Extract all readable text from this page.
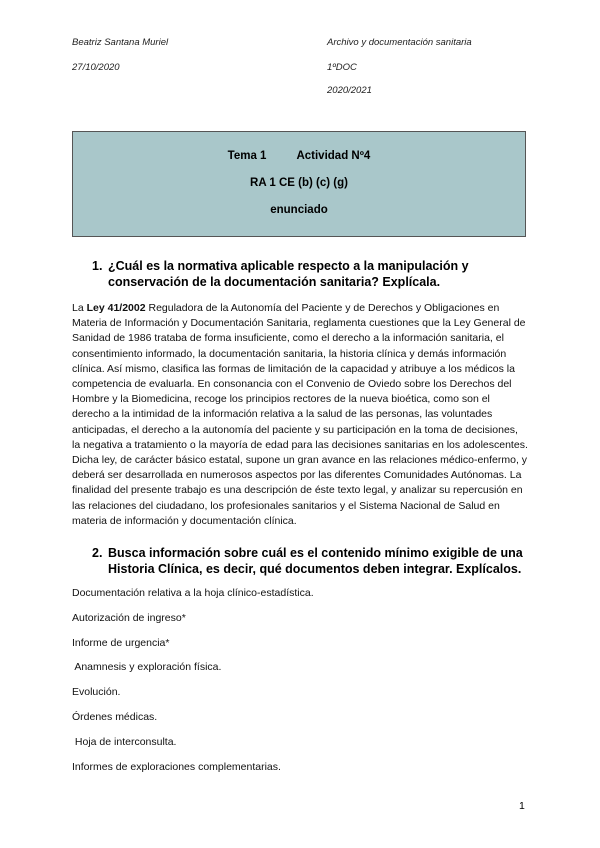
Beatriz Santana Muriel
27/10/2020
Archivo y documentación sanitaria
1ºDOC
2020/2021
Tema 1	Actividad Nº4
RA 1 CE (b) (c) (g)
enunciado
1. ¿Cuál es la normativa aplicable respecto a la manipulación y conservación de la documentación sanitaria? Explícala.
La Ley 41/2002 Reguladora de la Autonomía del Paciente y de Derechos y Obligaciones en Materia de Información y Documentación Sanitaria, reglamenta cuestiones que la Ley General de Sanidad de 1986 trataba de forma insuficiente, como el derecho a la información sanitaria, el consentimiento informado, la documentación sanitaria, la historia clínica y demás información clínica. Así mismo, clasifica las formas de limitación de la capacidad y atribuye a los médicos la competencia de evaluarla. En consonancia con el Convenio de Oviedo sobre los Derechos del Hombre y la Biomedicina, recoge los principios rectores de la nueva bioética, como son el derecho a la intimidad de la información relativa a la salud de las personas, las voluntades anticipadas, el derecho a la autonomía del paciente y su participación en la toma de decisiones, la negativa a tratamiento o la mayoría de edad para las decisiones sanitarias en los adolescentes. Dicha ley, de carácter básico estatal, supone un gran avance en las relaciones médico-enfermo, y deberá ser desarrollada en numerosos aspectos por las diferentes Comunidades Autónomas. La finalidad del presente trabajo es una descripción de éste texto legal, y analizar su repercusión en las relaciones del ciudadano, los profesionales sanitarios y el Sistema Nacional de Salud en materia de información y documentación clínica.
2. Busca información sobre cuál es el contenido mínimo exigible de una Historia Clínica, es decir, qué documentos deben integrar. Explícalos.
Documentación relativa a la hoja clínico-estadística.
Autorización de ingreso*
Informe de urgencia*
Anamnesis y exploración física.
Evolución.
Órdenes médicas.
Hoja de interconsulta.
Informes de exploraciones complementarias.
1
